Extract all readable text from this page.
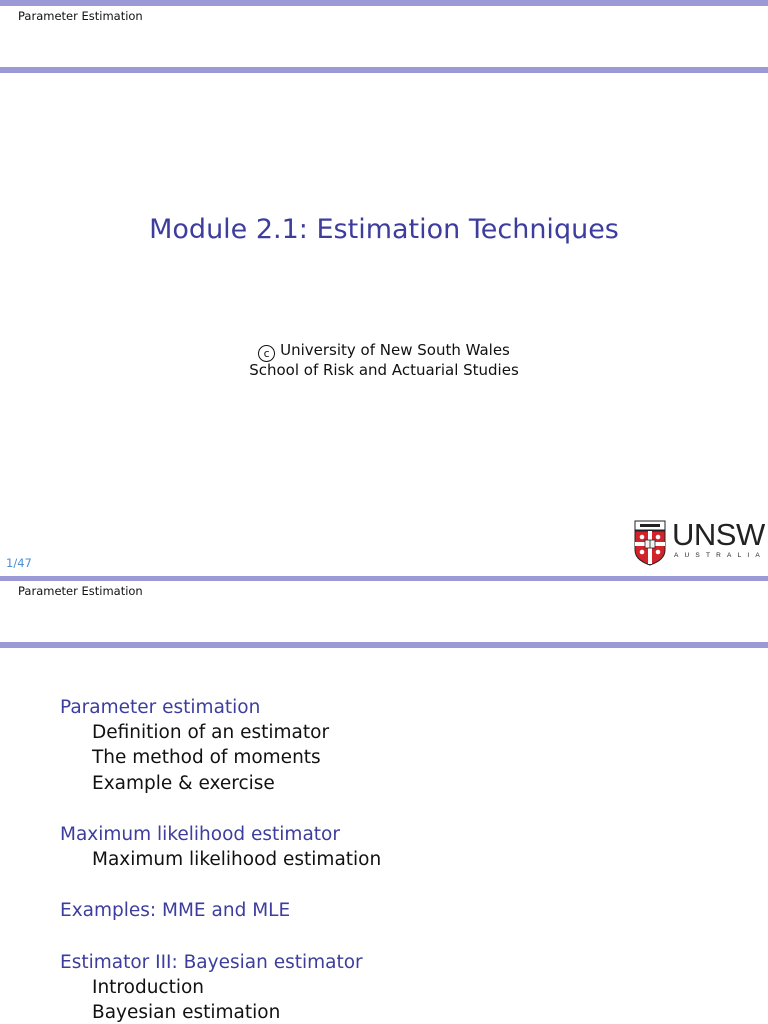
Parameter Estimation
Module 2.1: Estimation Techniques
c University of New South Wales
School of Risk and Actuarial Studies
UNSW
AUSTRALIA
1/47
Parameter Estimation
Parameter estimation
Definition of an estimator
The method of moments
Example & exercise
Maximum likelihood estimator
Maximum likelihood estimation
Examples: MME and MLE
Estimator III: Bayesian estimator
Introduction
Bayesian estimation
